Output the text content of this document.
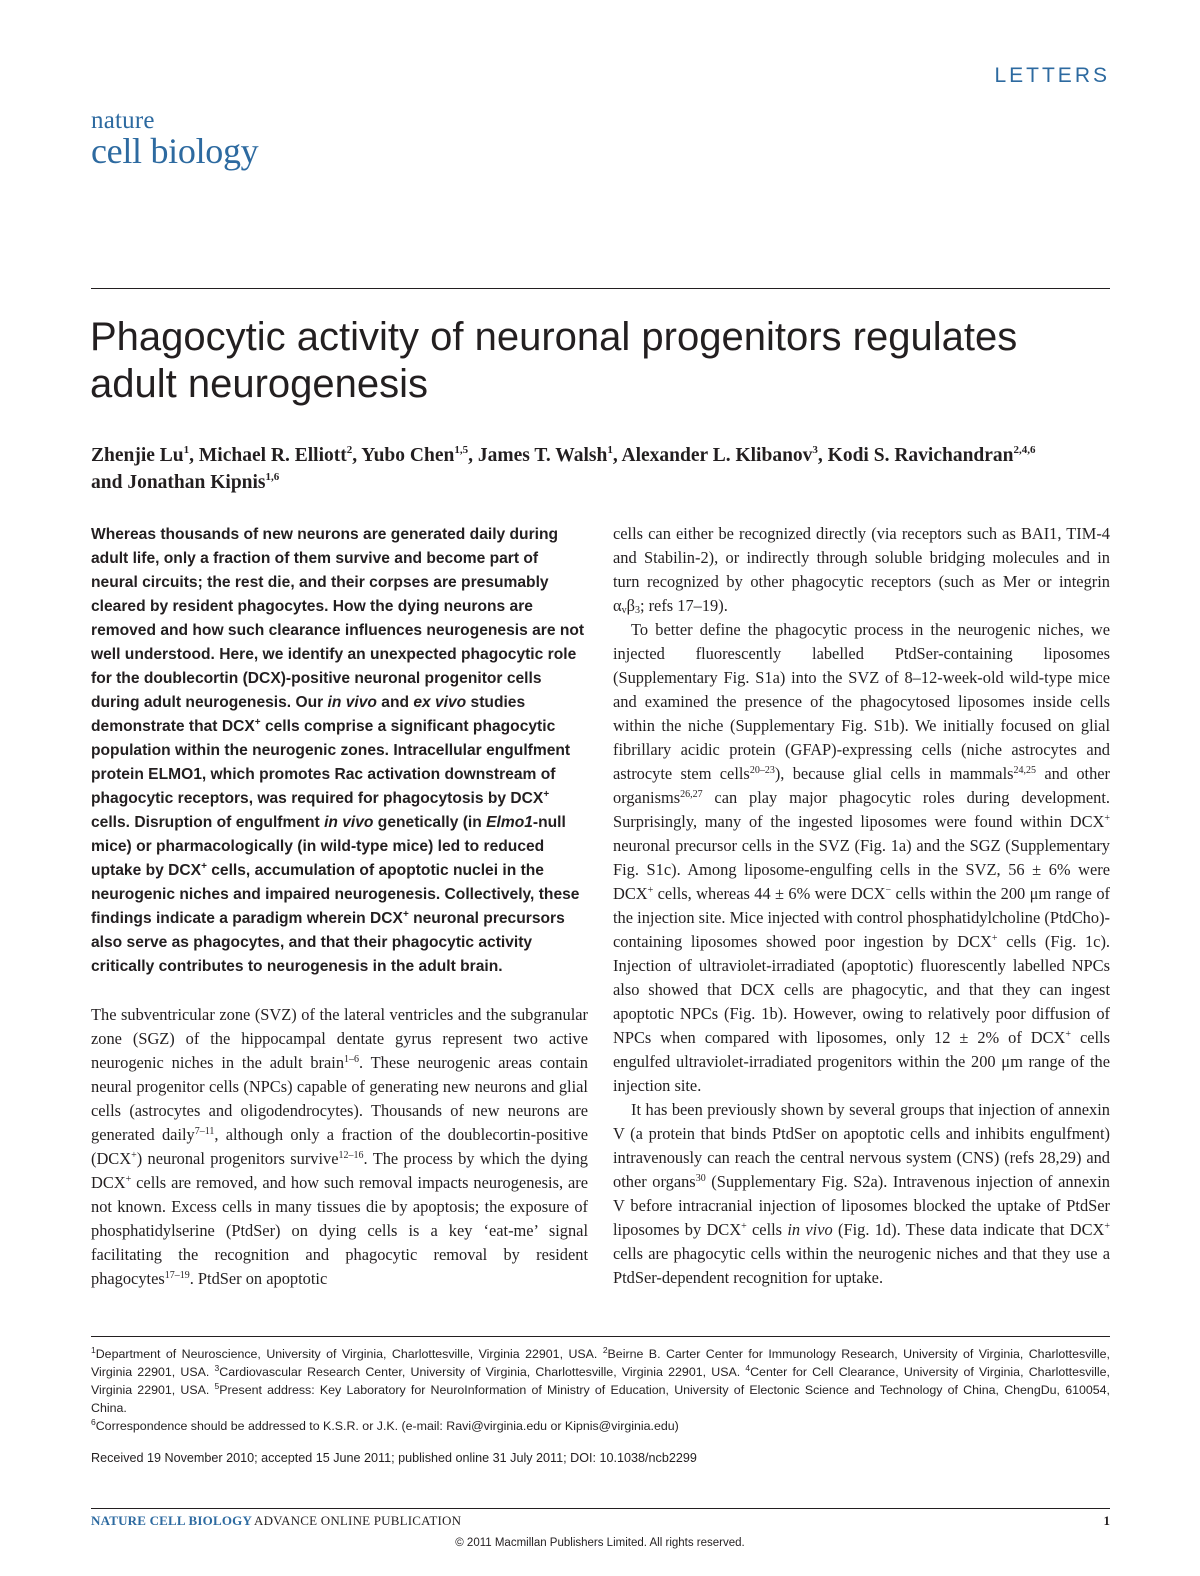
LETTERS
nature
cell biology
Phagocytic activity of neuronal progenitors regulates adult neurogenesis
Zhenjie Lu$^1$, Michael R. Elliott$^2$, Yubo Chen$^{1,5}$, James T. Walsh$^1$, Alexander L. Klibanov$^3$, Kodi S. Ravichandran$^{2,4,6}$
and Jonathan Kipnis$^{1,6}$

Whereas thousands of new neurons are generated daily during adult life, only a fraction of them survive and become part of neural circuits; the rest die, and their corpses are presumably cleared by resident phagocytes. How the dying neurons are removed and how such clearance influences neurogenesis are not well understood. Here, we identify an unexpected phagocytic role for the doublecortin (DCX)-positive neuronal progenitor cells during adult neurogenesis. Our in vivo and ex vivo studies demonstrate that DCX+ cells comprise a significant phagocytic population within the neurogenic zones. Intracellular engulfment protein ELMO1, which promotes Rac activation downstream of phagocytic receptors, was required for phagocytosis by DCX+ cells. Disruption of engulfment in vivo genetically (in Elmo1-null mice) or pharmacologically (in wild-type mice) led to reduced uptake by DCX+ cells, accumulation of apoptotic nuclei in the neurogenic niches and impaired neurogenesis. Collectively, these findings indicate a paradigm wherein DCX+ neuronal precursors also serve as phagocytes, and that their phagocytic activity critically contributes to neurogenesis in the adult brain.

The subventricular zone (SVZ) of the lateral ventricles and the subgranular zone (SGZ) of the hippocampal dentate gyrus represent two active neurogenic niches in the adult brain$^{1-6}$. These neurogenic areas contain neural progenitor cells (NPCs) capable of generating new neurons and glial cells (astrocytes and oligodendrocytes). Thousands of new neurons are generated daily$^{7-11}$, although only a fraction of the doublecortin-positive (DCX+) neuronal progenitors survive$^{12-16}$. The process by which the dying DCX+ cells are removed, and how such removal impacts neurogenesis, are not known. Excess cells in many tissues die by apoptosis; the exposure of phosphatidylserine (PtdSer) on dying cells is a key ‘eat-me’ signal facilitating the recognition and phagocytic removal by resident phagocytes$^{17-19}$. PtdSer on apoptotic

cells can either be recognized directly (via receptors such as BAI1, TIM-4 and Stabilin-2), or indirectly through soluble bridging molecules and in turn recognized by other phagocytic receptors (such as Mer or integrin $\alpha_v\beta_3$; refs 17–19).

To better define the phagocytic process in the neurogenic niches, we injected fluorescently labelled PtdSer-containing liposomes (Supplementary Fig. S1a) into the SVZ of 8–12-week-old wild-type mice and examined the presence of the phagocytosed liposomes inside cells within the niche (Supplementary Fig. S1b). We initially focused on glial fibrillary acidic protein (GFAP)-expressing cells (niche astrocytes and astrocyte stem cells$^{20-23}$), because glial cells in mammals$^{24,25}$ and other organisms$^{26,27}$ can play major phagocytic roles during development. Surprisingly, many of the ingested liposomes were found within DCX+ neuronal precursor cells in the SVZ (Fig. 1a) and the SGZ (Supplementary Fig. S1c). Among liposome-engulfing cells in the SVZ, 56 ± 6% were DCX+ cells, whereas 44 ± 6% were DCX− cells within the 200 μm range of the injection site. Mice injected with control phosphatidylcholine (PtdCho)-containing liposomes showed poor ingestion by DCX+ cells (Fig. 1c). Injection of ultraviolet-irradiated (apoptotic) fluorescently labelled NPCs also showed that DCX cells are phagocytic, and that they can ingest apoptotic NPCs (Fig. 1b). However, owing to relatively poor diffusion of NPCs when compared with liposomes, only 12 ± 2% of DCX+ cells engulfed ultraviolet-irradiated progenitors within the 200 μm range of the injection site.

It has been previously shown by several groups that injection of annexin V (a protein that binds PtdSer on apoptotic cells and inhibits engulfment) intravenously can reach the central nervous system (CNS) (refs 28,29) and other organs$^{30}$ (Supplementary Fig. S2a). Intravenous injection of annexin V before intracranial injection of liposomes blocked the uptake of PtdSer liposomes by DCX+ cells in vivo (Fig. 1d). These data indicate that DCX+ cells are phagocytic cells within the neurogenic niches and that they use a PtdSer-dependent recognition for uptake.

$^1$Department of Neuroscience, University of Virginia, Charlottesville, Virginia 22901, USA. $^2$Beirne B. Carter Center for Immunology Research, University of Virginia, Charlottesville, Virginia 22901, USA. $^3$Cardiovascular Research Center, University of Virginia, Charlottesville, Virginia 22901, USA. $^4$Center for Cell Clearance, University of Virginia, Charlottesville, Virginia 22901, USA. $^5$Present address: Key Laboratory for NeuroInformation of Ministry of Education, University of Electonic Science and Technology of China, ChengDu, 610054, China.

$^6$Correspondence should be addressed to K.S.R. or J.K. (e-mail: Ravi@virginia.edu or Kipnis@virginia.edu)

Received 19 November 2010; accepted 15 June 2011; published online 31 July 2011; DOI: 10.1038/ncb2299
NATURE CELL BIOLOGY ADVANCE ONLINE PUBLICATION	1
© 2011 Macmillan Publishers Limited. All rights reserved.
